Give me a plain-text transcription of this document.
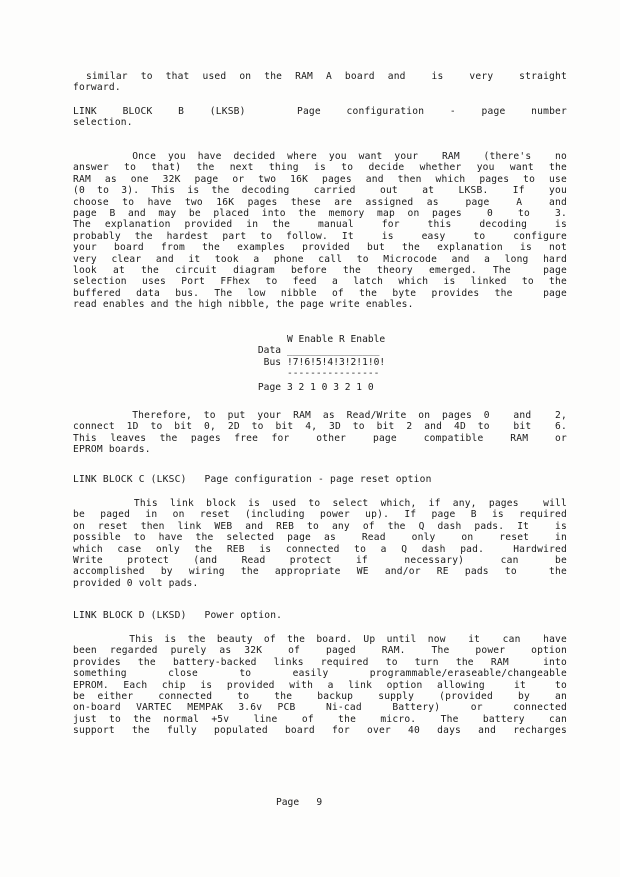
similar to that used on the RAM A board and  is  very  straight
forward.
LINK  BLOCK  B  (LKSB)    Page  configuration  -  page  number
selection.
Once you have decided where you want your  RAM  (there's  no
answer to that) the next thing is to decide whether you want the
RAM as one 32K page or two 16K pages and then which pages to use
(0 to 3). This is the decoding  carried  out  at  LKSB.  If  you
choose to have two 16K pages these are assigned as  page  A  and
page B and may be placed into the memory map on pages  0  to  3.
The explanation provided in the  manual  for  this  decoding  is
probably the hardest part to follow. It  is  easy  to  configure
your board from the examples provided but the explanation is not
very clear and it took a phone call to Microcode and a long hard
look at the circuit diagram before the theory emerged. The  page
selection uses Port FFhex to feed a latch which is linked to the
buffered data bus. The low nibble of the byte provides the  page
read enables and the high nibble, the page write enables.
W Enable R Enable
Data ________________
Bus !7!6!5!4!3!2!1!0!
----------------
Page 3 2 1 0 3 2 1 0
Therefore, to put your RAM as Read/Write on pages 0  and  2,
connect 1D to bit 0, 2D to bit 4, 3D to bit 2 and 4D to  bit  6.
This leaves the pages free for  other  page  compatible  RAM  or
EPROM boards.
LINK BLOCK C (LKSC)   Page configuration - page reset option
This link block is used to select which, if any, pages  will
be paged in on reset (including power up). If page B is required
on reset then link WEB and REB to any of the Q dash pads. It  is
possible to have the selected page as  Read  only  on  reset  in
which case only the REB is connected to a Q dash pad.  Hardwired
Write  protect  (and  Read  protect  if   necessary)   can   be
accomplished by wiring the appropriate WE and/or RE pads to  the
provided 0 volt pads.
LINK BLOCK D (LKSD)   Power option.
This is the beauty of the board. Up until now  it  can  have
been regarded purely as 32K  of  paged  RAM.  The  power  option
provides the battery-backed links required to turn the RAM  into
something  close  to  easily  programmable/eraseable/changeable
EPROM. Each chip is provided with a link option allowing  it  to
be either  connected  to  the  backup  supply  (provided  by  an
on-board VARTEC MEMPAK 3.6v PCB  Ni-cad  Battery)  or  connected
just to the normal +5v  line  of  the  micro.  The  battery  can
support the fully populated board for over 40 days and recharges
Page   9
